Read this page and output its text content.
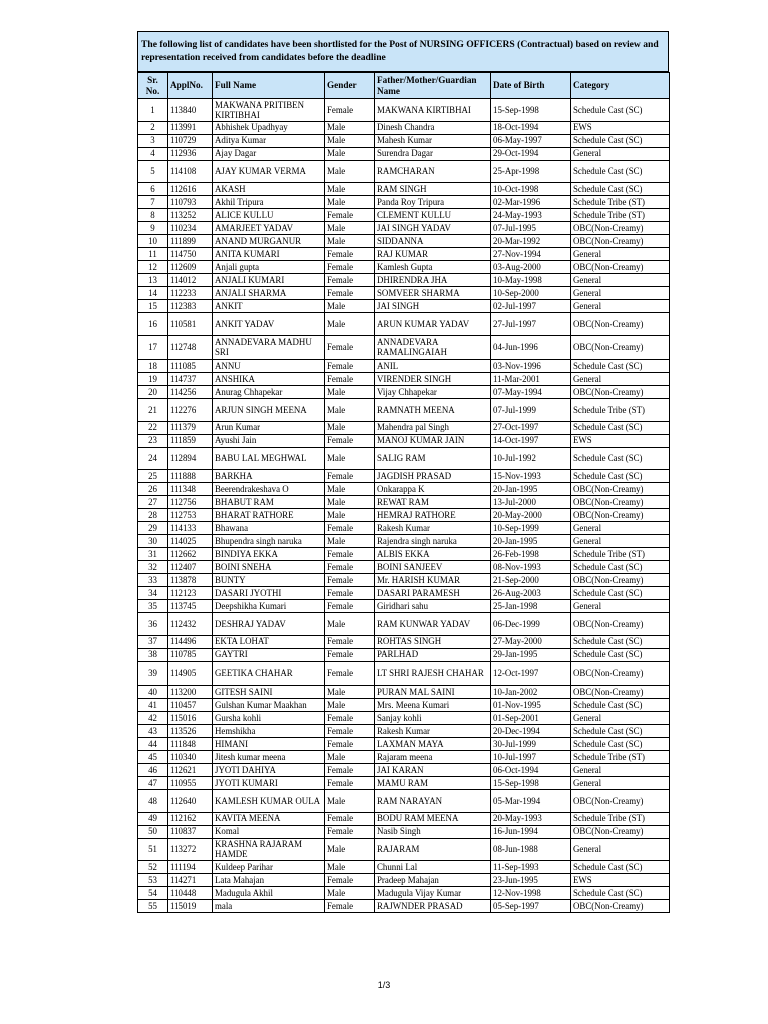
The following list of candidates have been shortlisted for the Post of NURSING OFFICERS (Contractual) based on review and representation received from candidates before the deadline
Sr. No.	ApplNo.	Full Name	Gender	Father/Mother/Guardian Name	Date of Birth	Category
1	113840	MAKWANA PRITIBEN KIRTIBHAI	Female	MAKWANA KIRTIBHAI	15-Sep-1998	Schedule Cast (SC)
2	113991	Abhishek Upadhyay	Male	Dinesh Chandra	18-Oct-1994	EWS
3	110729	Aditya Kumar	Male	Mahesh Kumar	06-May-1997	Schedule Cast (SC)
4	112936	Ajay Dagar	Male	Surendra Dagar	29-Oct-1994	General
5	114108	AJAY KUMAR VERMA	Male	RAMCHARAN	25-Apr-1998	Schedule Cast (SC)
6	112616	AKASH	Male	RAM SINGH	10-Oct-1998	Schedule Cast (SC)
7	110793	Akhil Tripura	Male	Panda Roy Tripura	02-Mar-1996	Schedule Tribe (ST)
8	113252	ALICE KULLU	Female	CLEMENT KULLU	24-May-1993	Schedule Tribe (ST)
9	110234	AMARJEET YADAV	Male	JAI SINGH YADAV	07-Jul-1995	OBC(Non-Creamy)
10	111899	ANAND MURGANUR	Male	SIDDANNA	20-Mar-1992	OBC(Non-Creamy)
11	114750	ANITA KUMARI	Female	RAJ KUMAR	27-Nov-1994	General
12	112609	Anjali gupta	Female	Kamlesh Gupta	03-Aug-2000	OBC(Non-Creamy)
13	114012	ANJALI KUMARI	Female	DHIRENDRA JHA	10-May-1998	General
14	112233	ANJALI SHARMA	Female	SOMVEER SHARMA	10-Sep-2000	General
15	112383	ANKIT	Male	JAI SINGH	02-Jul-1997	General
16	110581	ANKIT YADAV	Male	ARUN KUMAR YADAV	27-Jul-1997	OBC(Non-Creamy)
17	112748	ANNADEVARA MADHU SRI	Female	ANNADEVARA RAMALINGAIAH	04-Jun-1996	OBC(Non-Creamy)
18	111085	ANNU	Female	ANIL	03-Nov-1996	Schedule Cast (SC)
19	114737	ANSHIKA	Female	VIRENDER SINGH	11-Mar-2001	General
20	114256	Anurag Chhapekar	Male	Vijay Chhapekar	07-May-1994	OBC(Non-Creamy)
21	112276	ARJUN SINGH MEENA	Male	RAMNATH MEENA	07-Jul-1999	Schedule Tribe (ST)
22	111379	Arun Kumar	Male	Mahendra pal Singh	27-Oct-1997	Schedule Cast (SC)
23	111859	Ayushi Jain	Female	MANOJ KUMAR JAIN	14-Oct-1997	EWS
24	112894	BABU LAL MEGHWAL	Male	SALIG RAM	10-Jul-1992	Schedule Cast (SC)
25	111888	BARKHA	Female	JAGDISH PRASAD	15-Nov-1993	Schedule Cast (SC)
26	111348	Beerendrakeshava O	Male	Onkarappa K	20-Jan-1995	OBC(Non-Creamy)
27	112756	BHABUT RAM	Male	REWAT RAM	13-Jul-2000	OBC(Non-Creamy)
28	112753	BHARAT RATHORE	Male	HEMRAJ RATHORE	20-May-2000	OBC(Non-Creamy)
29	114133	Bhawana	Female	Rakesh Kumar	10-Sep-1999	General
30	114025	Bhupendra singh naruka	Male	Rajendra singh naruka	20-Jan-1995	General
31	112662	BINDIYA EKKA	Female	ALBIS EKKA	26-Feb-1998	Schedule Tribe (ST)
32	112407	BOINI SNEHA	Female	BOINI SANJEEV	08-Nov-1993	Schedule Cast (SC)
33	113878	BUNTY	Female	Mr. HARISH KUMAR	21-Sep-2000	OBC(Non-Creamy)
34	112123	DASARI JYOTHI	Female	DASARI PARAMESH	26-Aug-2003	Schedule Cast (SC)
35	113745	Deepshikha Kumari	Female	Giridhari sahu	25-Jan-1998	General
36	112432	DESHRAJ YADAV	Male	RAM KUNWAR YADAV	06-Dec-1999	OBC(Non-Creamy)
37	114496	EKTA LOHAT	Female	ROHTAS SINGH	27-May-2000	Schedule Cast (SC)
38	110785	GAYTRI	Female	PARLHAD	29-Jan-1995	Schedule Cast (SC)
39	114905	GEETIKA CHAHAR	Female	LT SHRI RAJESH CHAHAR	12-Oct-1997	OBC(Non-Creamy)
40	113200	GITESH SAINI	Male	PURAN MAL SAINI	10-Jan-2002	OBC(Non-Creamy)
41	110457	Gulshan Kumar Maakhan	Male	Mrs. Meena Kumari	01-Nov-1995	Schedule Cast (SC)
42	115016	Gursha kohli	Female	Sanjay kohli	01-Sep-2001	General
43	113526	Hemshikha	Female	Rakesh Kumar	20-Dec-1994	Schedule Cast (SC)
44	111848	HIMANI	Female	LAXMAN MAYA	30-Jul-1999	Schedule Cast (SC)
45	110340	Jitesh kumar meena	Male	Rajaram meena	10-Jul-1997	Schedule Tribe (ST)
46	112621	JYOTI DAHIYA	Female	JAI KARAN	06-Oct-1994	General
47	110955	JYOTI KUMARI	Female	MAMU RAM	15-Sep-1998	General
48	112640	KAMLESH KUMAR OULA	Male	RAM NARAYAN	05-Mar-1994	OBC(Non-Creamy)
49	112162	KAVITA MEENA	Female	BODU RAM MEENA	20-May-1993	Schedule Tribe (ST)
50	110837	Komal	Female	Nasib Singh	16-Jun-1994	OBC(Non-Creamy)
51	113272	KRASHNA RAJARAM HAMDE	Male	RAJARAM	08-Jun-1988	General
52	111194	Kuldeep Parihar	Male	Chunni Lal	11-Sep-1993	Schedule Cast (SC)
53	114271	Lata Mahajan	Female	Pradeep Mahajan	23-Jun-1995	EWS
54	110448	Madugula Akhil	Male	Madugula Vijay Kumar	12-Nov-1998	Schedule Cast (SC)
55	115019	mala	Female	RAJWNDER PRASAD	05-Sep-1997	OBC(Non-Creamy)
1/3
